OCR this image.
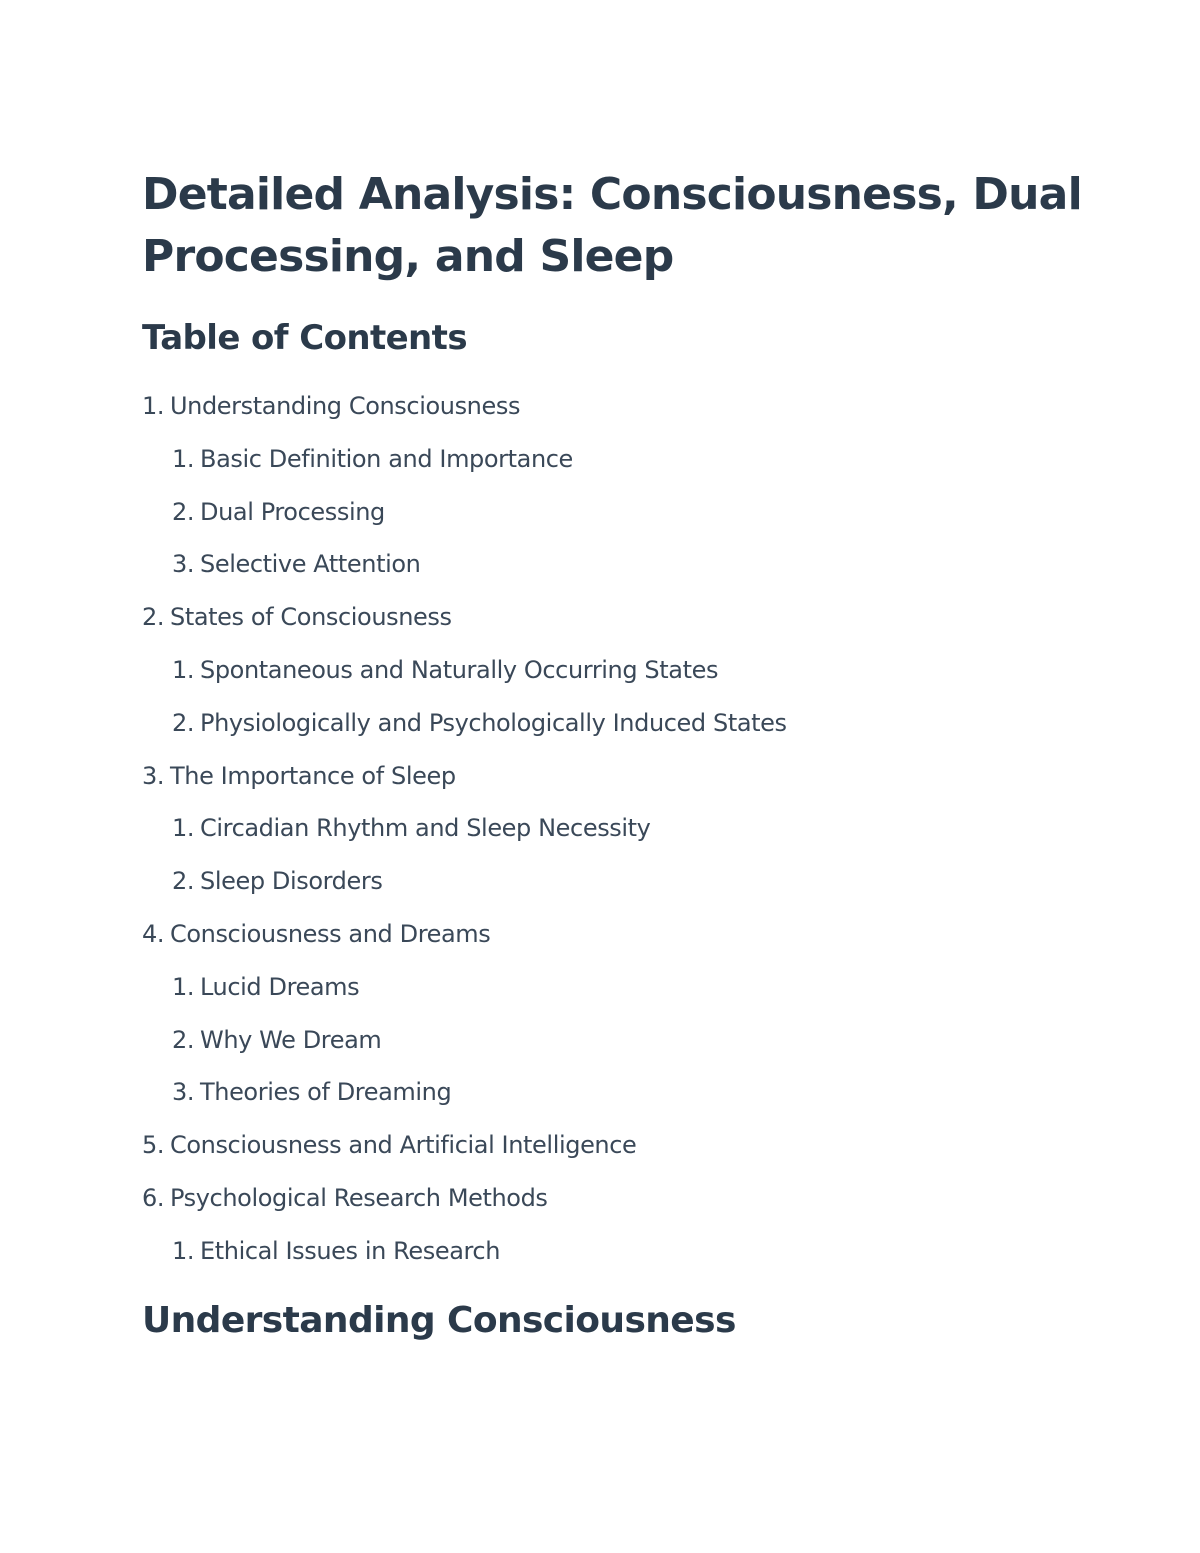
Detailed Analysis: Consciousness, Dual Processing, and Sleep
Table of Contents
1. Understanding Consciousness
1. Basic Definition and Importance
2. Dual Processing
3. Selective Attention
2. States of Consciousness
1. Spontaneous and Naturally Occurring States
2. Physiologically and Psychologically Induced States
3. The Importance of Sleep
1. Circadian Rhythm and Sleep Necessity
2. Sleep Disorders
4. Consciousness and Dreams
1. Lucid Dreams
2. Why We Dream
3. Theories of Dreaming
5. Consciousness and Artificial Intelligence
6. Psychological Research Methods
1. Ethical Issues in Research
Understanding Consciousness
